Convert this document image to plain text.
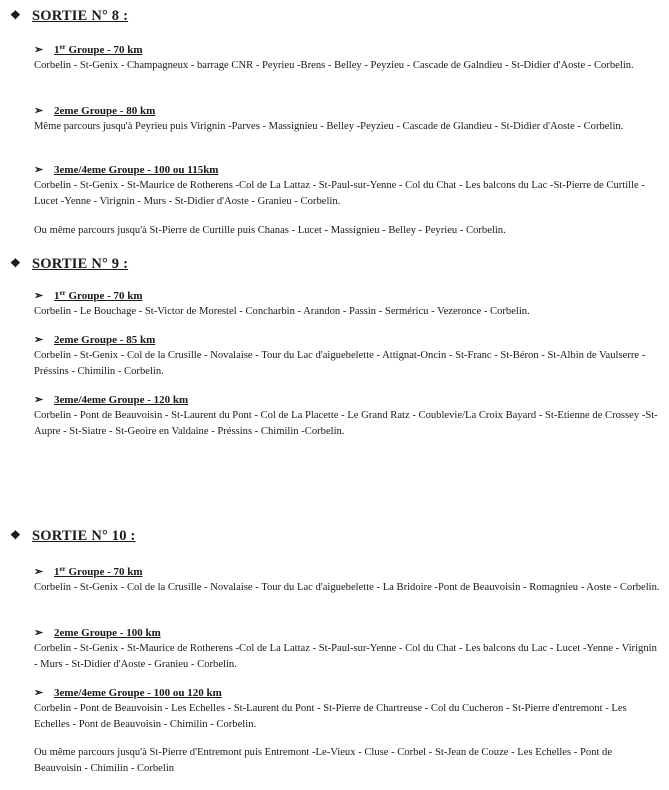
❖ SORTIE N° 8 :
➢ 1er Groupe - 70 km
Corbelin - St-Genix - Champagneux - barrage CNR - Peyrieu -Brens - Belley - Peyzieu - Cascade de Galndieu - St-Didier d'Aoste - Corbelin.
➢ 2eme Groupe - 80 km
Même parcours jusqu'à Peyrieu puis Virignin -Parves - Massignieu - Belley -Peyzieu - Cascade de Glandieu - St-Didier d'Aoste - Corbelin.
➢ 3eme/4eme Groupe - 100 ou 115km
Corbelin - St-Genix - St-Maurice de Rotherens -Col de La Lattaz - St-Paul-sur-Yenne - Col du Chat - Les balcons du Lac -St-Pierre de Curtille -Lucet -Yenne - Virignin - Murs - St-Didier d'Aoste - Granieu - Corbelin.
Ou même parcours jusqu'à St-Pierre de Curtille puis Chanas - Lucet - Massignieu - Belley - Peyrieu - Corbelin.
❖ SORTIE N° 9 :
➢ 1er Groupe - 70 km
Corbelin - Le Bouchage - St-Victor de Morestel - Concharbin - Arandon - Passin - Serméricu - Vezeronce - Corbelin.
➢ 2eme Groupe - 85 km
Corbelin - St-Genix - Col de la Crusille - Novalaise - Tour du Lac d'aiguebelette - Attignat-Oncin - St-Franc - St-Béron - St-Albin de Vaulserre - Préssins - Chimilin - Corbelin.
➢ 3eme/4eme Groupe - 120 km
Corbelin - Pont de Beauvoisin - St-Laurent du Pont - Col de La Placette - Le Grand Ratz - Coublevie/La Croix Bayard - St-Etienne de Crossey -St-Aupre - St-Siatre - St-Geoire en Valdaine - Préssins - Chimilin -Corbelin.
❖ SORTIE N° 10 :
➢ 1er Groupe - 70 km
Corbelin - St-Genix - Col de la Crusille - Novalaise - Tour du Lac d'aiguebelette - La Bridoire -Pont de Beauvoisin - Romagnieu - Aoste - Corbelin.
➢ 2eme Groupe - 100 km
Corbelin - St-Genix - St-Maurice de Rotherens -Col de La Lattaz - St-Paul-sur-Yenne - Col du Chat - Les balcons du Lac - Lucet -Yenne - Virignin - Murs - St-Didier d'Aoste - Granieu - Corbelin.
➢ 3eme/4eme Groupe - 100 ou 120 km
Corbelin - Pont de Beauvoisin - Les Echelles - St-Laurent du Pont - St-Pierre de Chartreuse - Col du Cucheron - St-Pierre d'entremont - Les Echelles - Pont de Beauvoisin - Chimilin - Corbelin.
Ou même parcours jusqu'à St-Pierre d'Entremont puis Entremont -Le-Vieux - Cluse - Corbel - St-Jean de Couze - Les Echelles - Pont de Beauvoisin - Chimilin - Corbelin
